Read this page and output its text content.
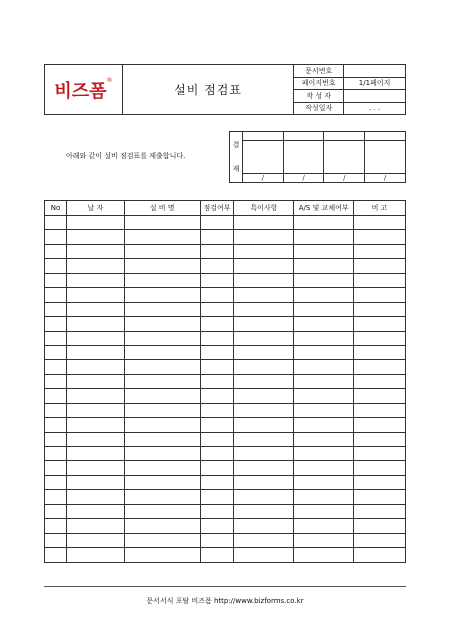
비즈폼®	설비 점검표	문서번호	
		페이지번호	1/1페이지
		작 성 자	
		작성일자	. . .
아래와 같이 설비 점검표를 제출합니다.
결
재				

	/	/	/	/
No	날 자	설 비 명	점검여부	특이사항	A/S 및 교체여부	비 고

문서서식 포탈 비즈폼 http://www.bizforms.co.kr
